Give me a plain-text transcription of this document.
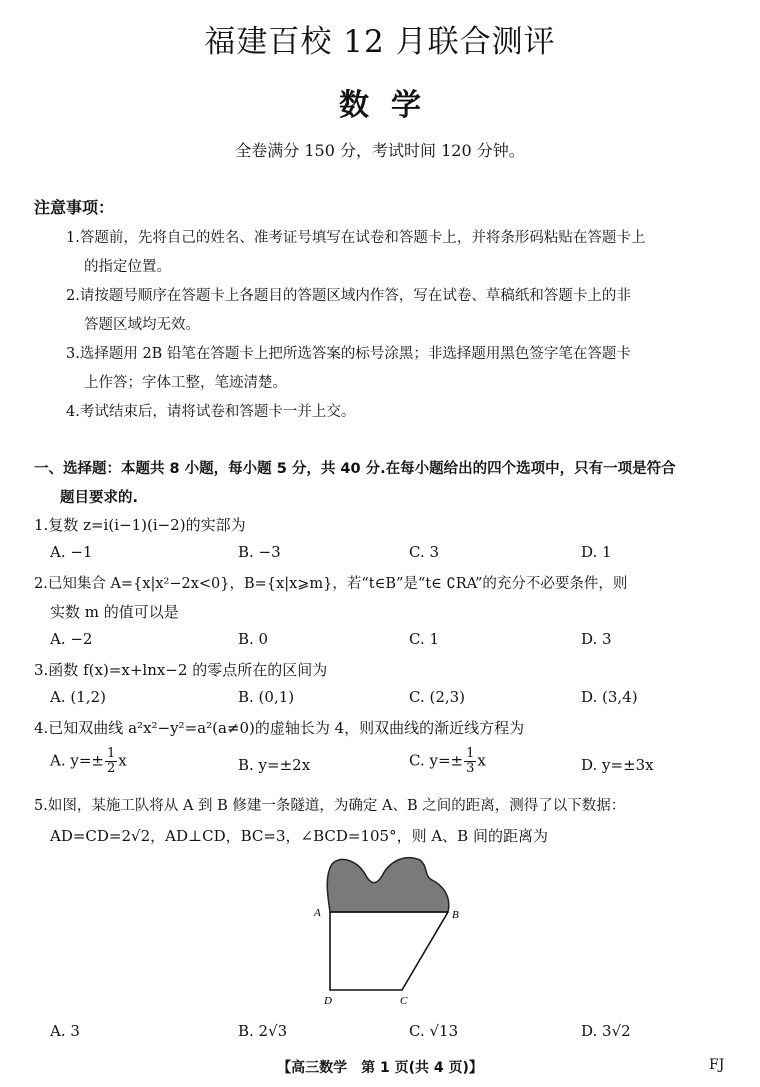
福建百校 12 月联合测评
数学
全卷满分 150 分，考试时间 120 分钟。
注意事项：
1.答题前，先将自己的姓名、准考证号填写在试卷和答题卡上，并将条形码粘贴在答题卡上
的指定位置。
2.请按题号顺序在答题卡上各题目的答题区域内作答，写在试卷、草稿纸和答题卡上的非
答题区域均无效。
3.选择题用 2B 铅笔在答题卡上把所选答案的标号涂黑；非选择题用黑色签字笔在答题卡
上作答；字体工整，笔迹清楚。
4.考试结束后，请将试卷和答题卡一并上交。
一、选择题：本题共 8 小题，每小题 5 分，共 40 分.在每小题给出的四个选项中，只有一项是符合
题目要求的.
1.复数 z=i(i−1)(i−2)的实部为
A. −1	B. −3	C. 3	D. 1
2.已知集合 A={x|x²−2x<0}，B={x|x⩾m}，若“t∈B”是“t∈ ∁RA”的充分不必要条件，则
实数 m 的值可以是
A. −2	B. 0	C. 1	D. 3
3.函数 f(x)=x+lnx−2 的零点所在的区间为
A. (1,2)	B. (0,1)	C. (2,3)	D. (3,4)
4.已知双曲线 a²x²−y²=a²(a≠0)的虚轴长为 4，则双曲线的渐近线方程为
A. $y=\pm \frac{1}{2}$ x	B. y=±2x	C. $y=\pm \frac{1}{3}$ x	D. y=±3x
5.如图，某施工队将从 A 到 B 修建一条隧道，为确定 A、B 之间的距离，测得了以下数据：
AD=CD=2√2，AD⊥CD，BC=3，∠BCD=105°，则 A、B 间的距离为
A	B
C
D
A. 3	B. 2√3	C. √13	D. 3√2
【高三数学　第 1 页(共 4 页)】	FJ
